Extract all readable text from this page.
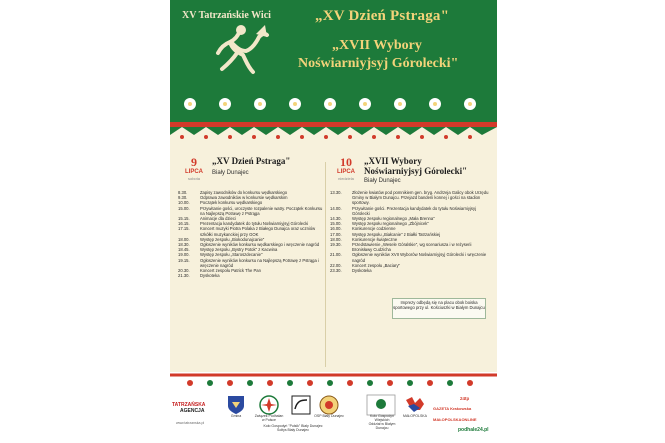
XV Tatrzańskie Wici	„XV Dzień Pstraga"
„XVII Wybory
Noświarniyjsyj Górolecki"
9
LIPCA
sobota
„XV Dzień Pstraga"
Biały Dunajec
8.30.	Zapisy zawodników do konkursu wędkarskiego
9.30.	Odprawa zawodników w konkursie wędkarskim
10.00.	Początek konkursu wędkarskiego
15.00.	Przywitanie gości, uroczyste rozpalenie watry. Początek Konkursu na Najlepszą Potrawę z Pstrąga
15.15.	Animacje dla dzieci
16.15.	Prezentacja kandydatek do tytułu Noświarniyjsyj Górolecki
17.15.	Koncert muzyki Piotra Polaka z Białego Dunajca oraz uczniów szkółki muzykanckiej przy GOK
18.00.	Występ zespołu „Biokodunajcanie"
18.30.	Ogłoszenie wyników konkursu wędkarskiego i wręczenie nagród
18.45.	Występ zespołu „Bystry Potok" z Kacwina
19.00.	Występ zespołu „Staroszdecanie"
19.15.	Ogłoszenie wyników konkursu na Najlepszą Potrawę z Pstrąga i wręczenie nagród
20.30.	Koncert zespołu Patrick The Pan
21.30.	Dyskoteka
10
LIPCA
niedziela
„XVII Wybory
Noświarniyjsyj Górolecki"
Biały Dunajec
13.30.	Złożenie kwiatów pod pomnikiem gen. bryg. Andrzeja Galicy obok Urzędu Gminy w Białym Dunajcu. Przejazd banderii konnej i gości na stadion sportowy.
14.00.	Przywitanie gości. Prezentacja kandydatek do tytułu Noświarniyjsyj Górolecki
14.30.	Występ zespołu regionalnego „Mała Brenna"
15.00.	Występ zespołu regionalnego „Zbójnicek"
16.00.	Konkurencje codzienne
17.00.	Występ zespołu „Białcanie" z Białki Tatrzańskiej
18.00.	Konkurencje świąteczne
19.30.	Przedstawienie „Wesele Góralskie", wg scenariusza i w reżyserii Bronisławy Cudzicha
21.00.	Ogłoszenie wyników XVII Wyborów Noświarniyjsyj Górolecki i wręczenie nagród
22.00.	Koncert zespołu „Baciary"
23.30.	Dyskoteka
Imprezy odbędą się na placu obok boiska sportowego przy ul. Kościuszki w Białym Dunajcu
TATRZAŃSKA
AGENCJA
www.tatrzanska.pl
Gmina	Związek Podhalan w Polsce
OSP Biały Dunajec
Koło Gospodyń "Pulsik" Biały Dunajec
Sołtys Biały Dunajec
Koło Gospodyń Wiejskich
Oddział w Białym Dunajcu
MAŁOPOLSKA
24tp
GAZETA Krakowska
MAŁOPOLSKAONLINE
podhale24.pl
